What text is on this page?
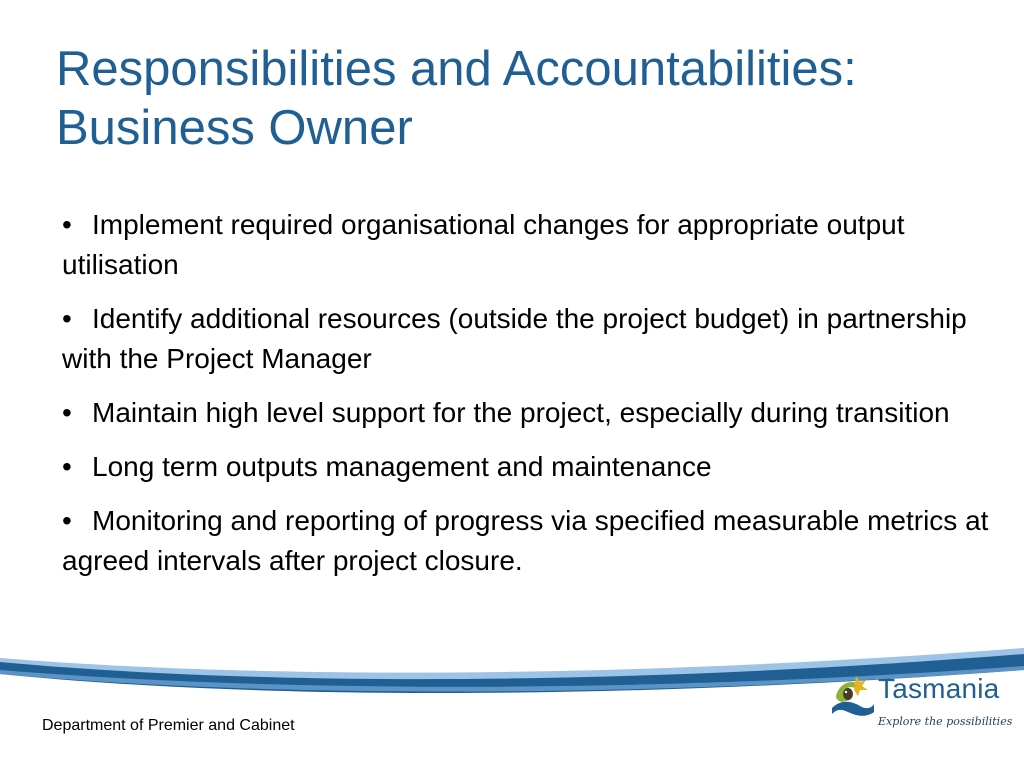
Responsibilities and Accountabilities:
Business Owner
• Implement required organisational changes for appropriate output utilisation
• Identify additional resources (outside the project budget) in partnership with the Project Manager
• Maintain high level support for the project, especially during transition
• Long term outputs management and maintenance
• Monitoring and reporting of progress via specified measurable metrics at agreed intervals after project closure.
Department of Premier and Cabinet
Tasmania
Explore the possibilities
